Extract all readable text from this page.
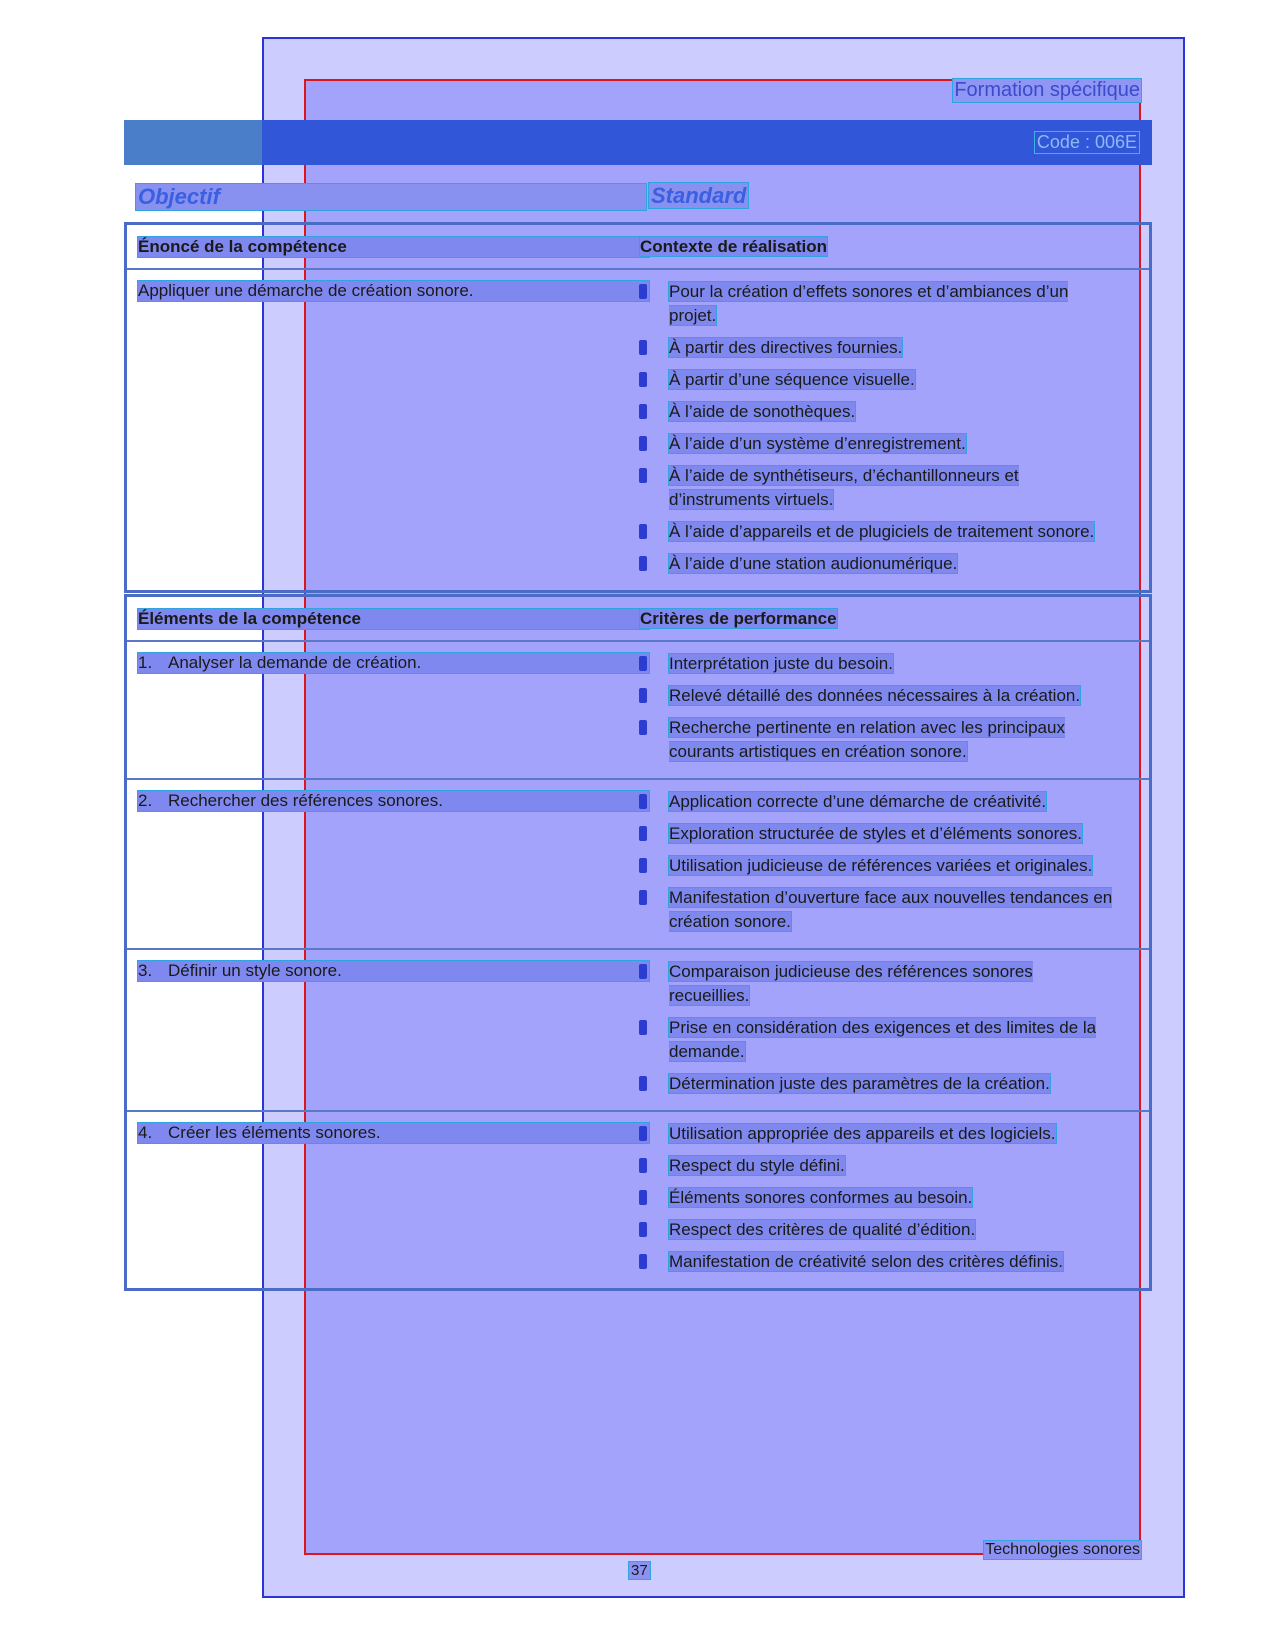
Formation spécifique
Code : 006E
Objectif	Standard
Énoncé de la compétence	Contexte de réalisation
Appliquer une démarche de création sonore.	Pour la création d’effets sonores et d’ambiances d’un projet.
À partir des directives fournies.
À partir d’une séquence visuelle.
À l’aide de sonothèques.
À l’aide d’un système d’enregistrement.
À l’aide de synthétiseurs, d’échantillonneurs et d’instruments virtuels.
À l’aide d’appareils et de plugiciels de traitement sonore.
À l’aide d’une station audionumérique.
Éléments de la compétence	Critères de performance
1. Analyser la demande de création.	Interprétation juste du besoin.
Relevé détaillé des données nécessaires à la création.
Recherche pertinente en relation avec les principaux courants artistiques en création sonore.
2. Rechercher des références sonores.	Application correcte d’une démarche de créativité.
Exploration structurée de styles et d’éléments sonores.
Utilisation judicieuse de références variées et originales.
Manifestation d’ouverture face aux nouvelles tendances en création sonore.
3. Définir un style sonore.	Comparaison judicieuse des références sonores recueillies.
Prise en considération des exigences et des limites de la demande.
Détermination juste des paramètres de la création.
4. Créer les éléments sonores.	Utilisation appropriée des appareils et des logiciels.
Respect du style défini.
Éléments sonores conformes au besoin.
Respect des critères de qualité d’édition.
Manifestation de créativité selon des critères définis.
Technologies sonores
37
